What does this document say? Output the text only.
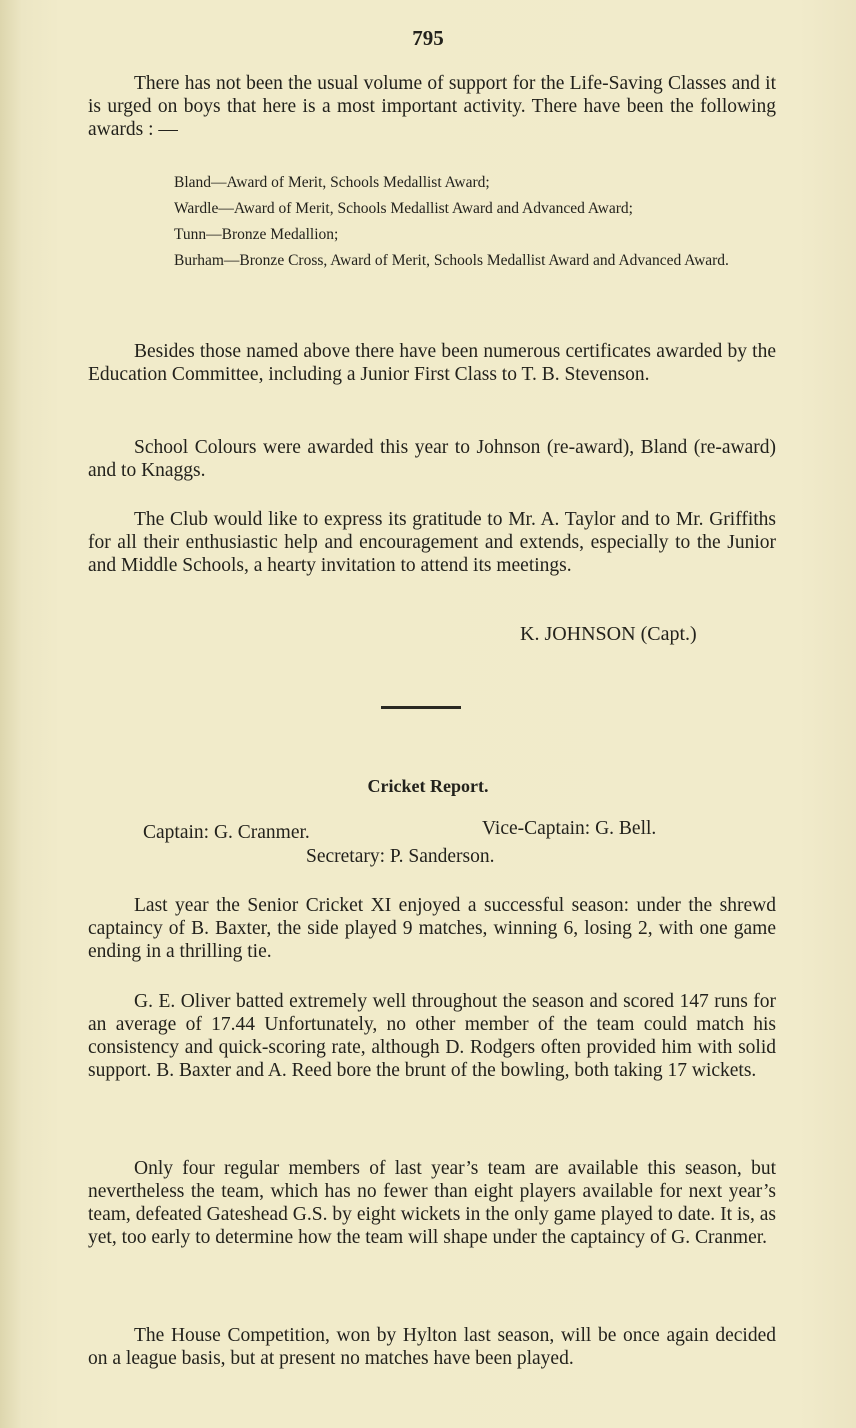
795

There has not been the usual volume of support for the Life-Saving Classes and it is urged on boys that here is a most important activity. There have been the following awards : —

Bland—Award of Merit, Schools Medallist Award;
Wardle—Award of Merit, Schools Medallist Award and Advanced Award;
Tunn—Bronze Medallion;
Burham—Bronze Cross, Award of Merit, Schools Medallist Award and Advanced Award.

Besides those named above there have been numerous certificates awarded by the Education Committee, including a Junior First Class to T. B. Stevenson.

School Colours were awarded this year to Johnson (re-award), Bland (re-award) and to Knaggs.

The Club would like to express its gratitude to Mr. A. Taylor and to Mr. Griffiths for all their enthusiastic help and encouragement and extends, especially to the Junior and Middle Schools, a hearty invitation to attend its meetings.

K. JOHNSON (Capt.)
Cricket Report.
Captain: G. Cranmer.	Vice-Captain: G. Bell.
Secretary: P. Sanderson.

Last year the Senior Cricket XI enjoyed a successful season: under the shrewd captaincy of B. Baxter, the side played 9 matches, winning 6, losing 2, with one game ending in a thrilling tie.

G. E. Oliver batted extremely well throughout the season and scored 147 runs for an average of 17.44 Unfortunately, no other member of the team could match his consistency and quick-scoring rate, although D. Rodgers often provided him with solid support. B. Baxter and A. Reed bore the brunt of the bowling, both taking 17 wickets.

Only four regular members of last year’s team are available this season, but nevertheless the team, which has no fewer than eight players available for next year’s team, defeated Gateshead G.S. by eight wickets in the only game played to date. It is, as yet, too early to determine how the team will shape under the captaincy of G. Cranmer.

The House Competition, won by Hylton last season, will be once again decided on a league basis, but at present no matches have been played.
